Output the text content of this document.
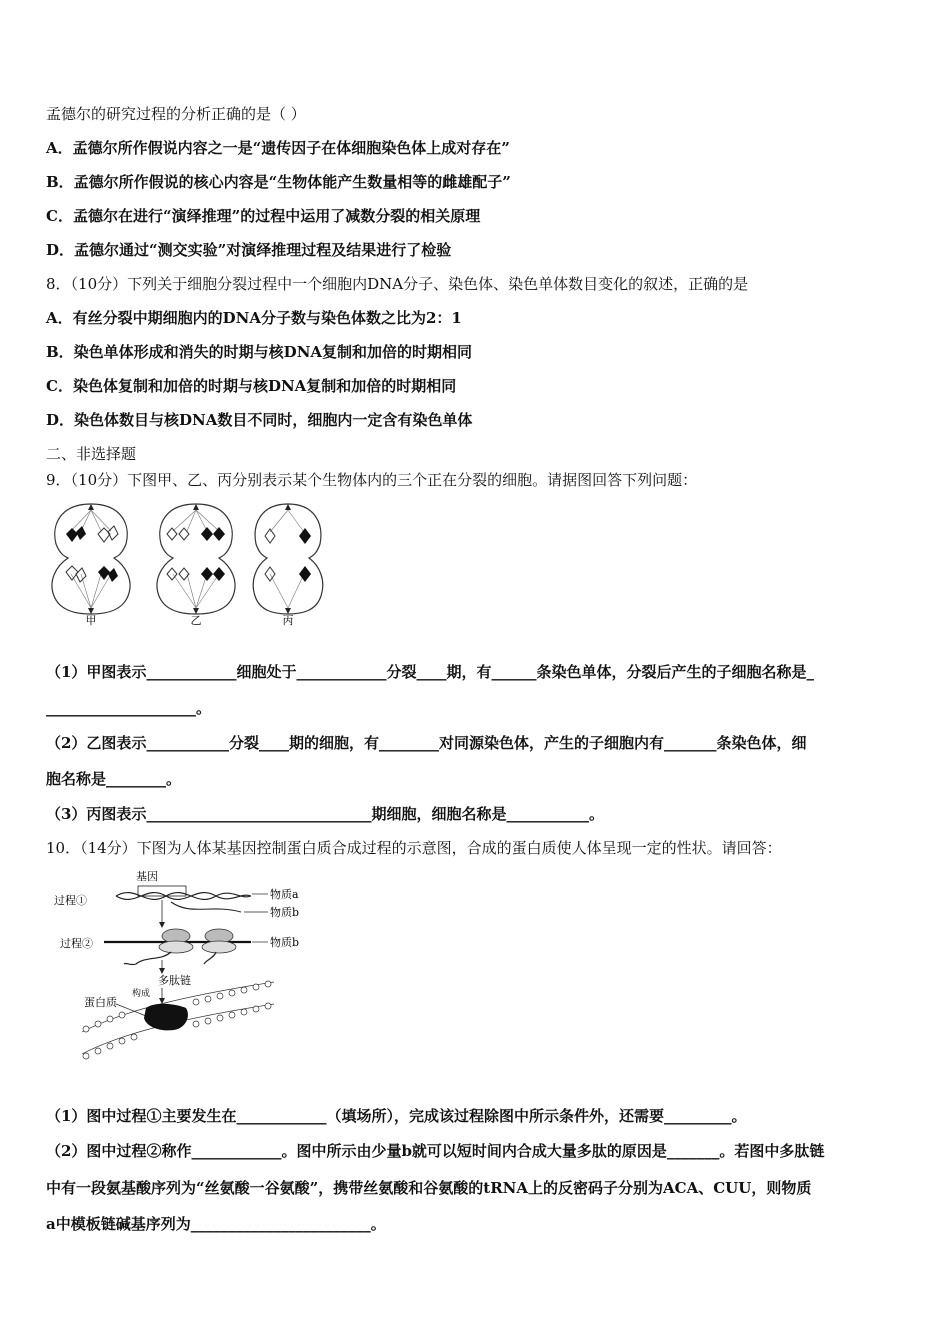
孟德尔的研究过程的分析正确的是（ ）
A．孟德尔所作假说内容之一是“遗传因子在体细胞染色体上成对存在”
B．孟德尔所作假说的核心内容是“生物体能产生数量相等的雌雄配子”
C．孟德尔在进行“演绎推理”的过程中运用了减数分裂的相关原理
D．孟德尔通过“测交实验”对演绎推理过程及结果进行了检验
8．（10分）下列关于细胞分裂过程中一个细胞内DNA分子、染色体、染色单体数目变化的叙述，正确的是
A．有丝分裂中期细胞内的DNA分子数与染色体数之比为2：1
B．染色单体形成和消失的时期与核DNA复制和加倍的时期相同
C．染色体复制和加倍的时期与核DNA复制和加倍的时期相同
D．染色体数目与核DNA数目不同时，细胞内一定含有染色单体
二、非选择题
9．（10分）下图甲、乙、丙分别表示某个生物体内的三个正在分裂的细胞。请据图回答下列问题：
甲	乙	丙
（1）甲图表示____________细胞处于____________分裂____期，有______条染色单体，分裂后产生的子细胞名称是_
____________________。
（2）乙图表示___________分裂____期的细胞，有________对同源染色体，产生的子细胞内有_______条染色体，细
胞名称是________。
（3）丙图表示______________________________期细胞，细胞名称是___________。
10．（14分）下图为人体某基因控制蛋白质合成过程的示意图，合成的蛋白质使人体呈现一定的性状。请回答：
基因
过程①	物质a
物质b
过程②	物质b
多肽链
构成
蛋白质
（1）图中过程①主要发生在____________（填场所），完成该过程除图中所示条件外，还需要_________。
（2）图中过程②称作____________。图中所示由少量b就可以短时间内合成大量多肽的原因是_______。若图中多肽链
中有一段氨基酸序列为“丝氨酸一谷氨酸”，携带丝氨酸和谷氨酸的tRNA上的反密码子分别为ACA、CUU，则物质
a中模板链碱基序列为________________________。
